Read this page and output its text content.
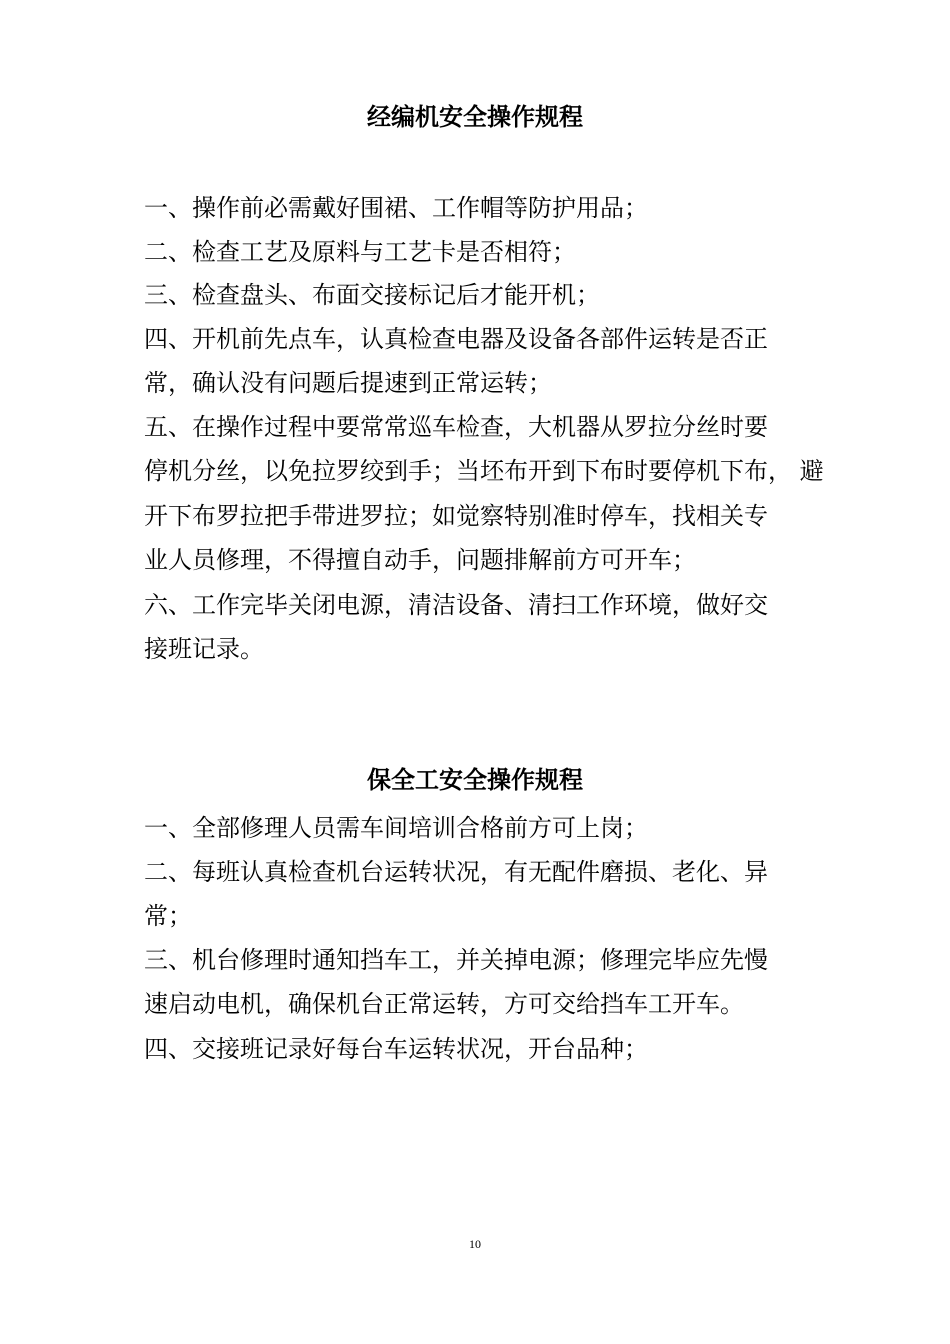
经编机安全操作规程
一、操作前必需戴好围裙、工作帽等防护用品；
二、检查工艺及原料与工艺卡是否相符；
三、检查盘头、布面交接标记后才能开机；
四、开机前先点车，认真检查电器及设备各部件运转是否正
常，确认没有问题后提速到正常运转；
五、在操作过程中要常常巡车检查，大机器从罗拉分丝时要
停机分丝，以免拉罗绞到手；当坯布开到下布时要停机下布， 避
开下布罗拉把手带进罗拉；如觉察特别准时停车，找相关专
业人员修理，不得擅自动手，问题排解前方可开车；
六、工作完毕关闭电源，清洁设备、清扫工作环境，做好交
接班记录。
保全工安全操作规程
一、全部修理人员需车间培训合格前方可上岗；
二、每班认真检查机台运转状况，有无配件磨损、老化、异
常；
三、机台修理时通知挡车工，并关掉电源；修理完毕应先慢
速启动电机，确保机台正常运转，方可交给挡车工开车。
四、交接班记录好每台车运转状况，开台品种；
10
